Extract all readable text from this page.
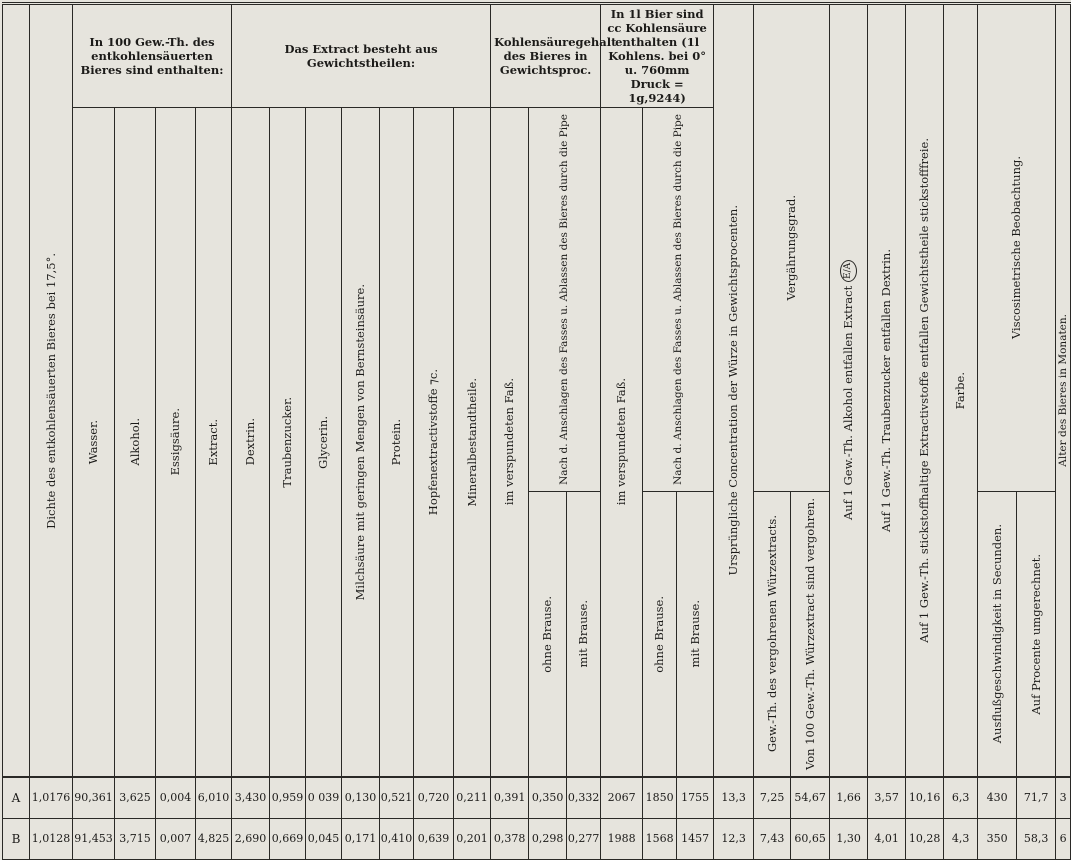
	Dichte des entkohlensäuerten Bieres bei 17,5°.	In 100 Gew.-Th. des entkohlensäuerten Bieres sind enthalten:				Das Extract besteht aus Gewichtstheilen:							Kohlensäuregehalt des Bieres in Gewichtsproc.			In 1l Bier sind cc Kohlensäure enthalten (1l Kohlens. bei 0° u. 760mm Druck = 1g,9244)			Ursprüngliche Concentration der Würze in Gewichtsprocenten.	Vergährungsgrad.		Auf 1 Gew.-Th. Alkohol entfallen Extract E/A	Auf 1 Gew.-Th. Traubenzucker entfallen Dextrin.	Auf 1 Gew.-Th. stickstoffhaltige Extractivstoffe entfallen Gewichtstheile stickstofffreie.	Farbe.	Viscosimetrische Beobachtung.		Alter des Bieres in Monaten.

		Wasser.	Alkohol.	Essigsäure.	Extract.	Dextrin.	Traubenzucker.	Glycerin.	Milchsäure mit geringen Mengen von Bernsteinsäure.	Protein.	Hopfenextractivstoffe ⁊c.	Mineralbestandtheile.	im verspundeten Faß.	Nach d. Anschlagen des Fasses u. Ablassen des Bieres durch die Pipe		im verspundeten Faß.	Nach d. Anschlagen des Fasses u. Ablassen des Bieres durch die Pipe											

														ohne Brause.	mit Brause.		ohne Brause.	mit Brause.		Gew.-Th. des vergohrenen Würzextracts.	Von 100 Gew.-Th. Würzextract sind vergohren.					Ausflußgeschwindigkeit in Secunden.	Auf Procente umgerechnet.	

A	1,0176	90,361	3,625	0,004	6,010	3,430	0,959	0 039	0,130	0,521	0,720	0,211	0,391	0,350	0,332	2067	1850	1755	13,3	7,25	54,67	1,66	3,57	10,16	6,3	430	71,7	3
B	1,0128	91,453	3,715	0,007	4,825	2,690	0,669	0,045	0,171	0,410	0,639	0,201	0,378	0,298	0,277	1988	1568	1457	12,3	7,43	60,65	1,30	4,01	10,28	4,3	350	58,3	6
